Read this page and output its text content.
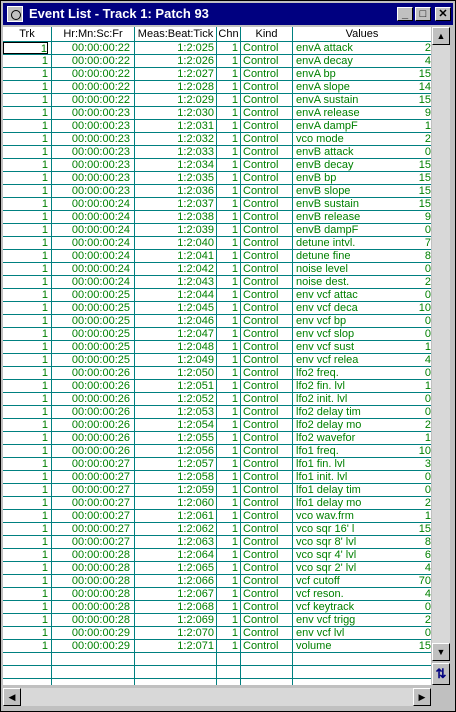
Event List - Track 1: Patch 93	_	□	✕
Trk	Hr:Mn:Sc:Fr	Meas:Beat:Tick Chn	Kind	Values
1	00:00:00:22	1:2:025	1 Control	envA attack	2
1	00:00:00:22	1:2:026	1 Control	envA decay	4
1	00:00:00:22	1:2:027	1 Control	envA bp	15
1	00:00:00:22	1:2:028	1 Control	envA slope	14
1	00:00:00:22	1:2:029	1 Control	envA sustain	15
1	00:00:00:23	1:2:030	1 Control	envA release	9
1	00:00:00:23	1:2:031	1 Control	envA dampF	1
1	00:00:00:23	1:2:032	1 Control	vco mode	2
1	00:00:00:23	1:2:033	1 Control	envB attack	0
1	00:00:00:23	1:2:034	1 Control	envB decay	15
1	00:00:00:23	1:2:035	1 Control	envB bp	15
1	00:00:00:23	1:2:036	1 Control	envB slope	15
1	00:00:00:24	1:2:037	1 Control	envB sustain	15
1	00:00:00:24	1:2:038	1 Control	envB release	9
1	00:00:00:24	1:2:039	1 Control	envB dampF	0
1	00:00:00:24	1:2:040	1 Control	detune intvl.	7
1	00:00:00:24	1:2:041	1 Control	detune fine	8
1	00:00:00:24	1:2:042	1 Control	noise level	0
1	00:00:00:24	1:2:043	1 Control	noise dest.	2
1	00:00:00:25	1:2:044	1 Control	env vcf attac	0
1	00:00:00:25	1:2:045	1 Control	env vcf deca	10
1	00:00:00:25	1:2:046	1 Control	env vcf bp	0
1	00:00:00:25	1:2:047	1 Control	env vcf slop	0
1	00:00:00:25	1:2:048	1 Control	env vcf sust	1
1	00:00:00:25	1:2:049	1 Control	env vcf relea	4
1	00:00:00:26	1:2:050	1 Control	lfo2 freq.	0
1	00:00:00:26	1:2:051	1 Control	lfo2 fin. lvl	1
1	00:00:00:26	1:2:052	1 Control	lfo2 init. lvl	0
1	00:00:00:26	1:2:053	1 Control	lfo2 delay tim	0
1	00:00:00:26	1:2:054	1 Control	lfo2 delay mo	2
1	00:00:00:26	1:2:055	1 Control	lfo2 wavefor	1
1	00:00:00:26	1:2:056	1 Control	lfo1 freq.	10
1	00:00:00:27	1:2:057	1 Control	lfo1 fin. lvl	3
1	00:00:00:27	1:2:058	1 Control	lfo1 init. lvl	0
1	00:00:00:27	1:2:059	1 Control	lfo1 delay tim	0
1	00:00:00:27	1:2:060	1 Control	lfo1 delay mo	2
1	00:00:00:27	1:2:061	1 Control	vco wav.frm	1
1	00:00:00:27	1:2:062	1 Control	vco sqr 16' l	15
1	00:00:00:27	1:2:063	1 Control	vco sqr 8' lvl	8
1	00:00:00:28	1:2:064	1 Control	vco sqr 4' lvl	6
1	00:00:00:28	1:2:065	1 Control	vco sqr 2' lvl	4
1	00:00:00:28	1:2:066	1 Control	vcf cutoff	70
1	00:00:00:28	1:2:067	1 Control	vcf reson.	4
1	00:00:00:28	1:2:068	1 Control	vcf keytrack	0
1	00:00:00:28	1:2:069	1 Control	env vcf trigg	2
1	00:00:00:29	1:2:070	1 Control	env vcf lvl	0
1	00:00:00:29	1:2:071	1 Control	volume	15
▲
▼
⇅
◀	▶
